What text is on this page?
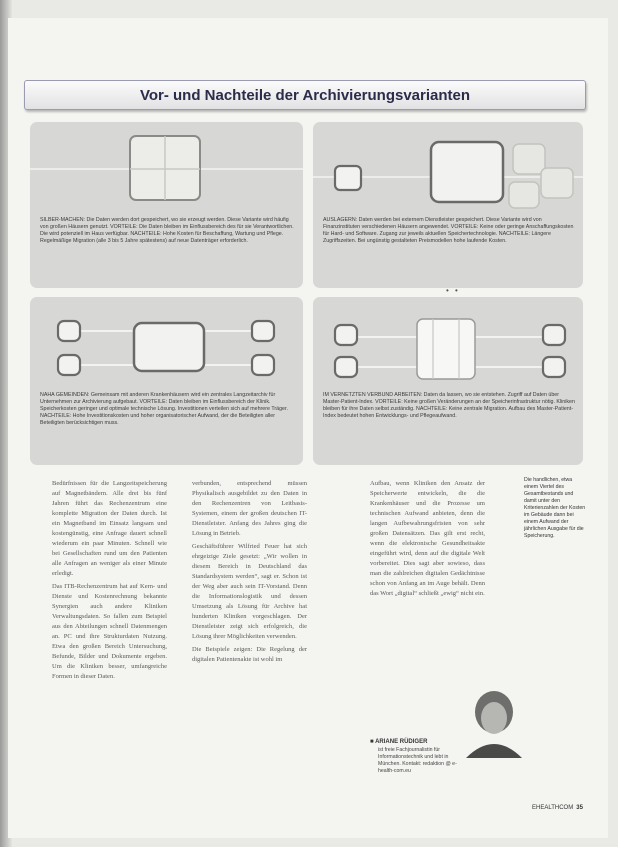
Vor- und Nachteile der Archivierungsvarianten
SILBER-MACHEN: Die Daten werden dort gespeichert, wo sie erzeugt werden. Diese Variante wird häufig von großen Häusern genutzt. VORTEILE: Die Daten bleiben im Einflussbereich des für sie Verantwortlichen. Die wird potenziell im Haus verfügbar. NACHTEILE: Hohe Kosten für Beschaffung, Wartung und Pflege. Regelmäßige Migration (alle 3 bis 5 Jahre spätestens) auf neue Datenträger erforderlich.
AUSLAGERN: Daten werden bei externem Dienstleister gespeichert. Diese Variante wird von Finanzinstituten verschiedenen Häusern angewendet. VORTEILE: Keine oder geringe Anschaffungskosten für Hard- und Software. Zugang zur jeweils aktuellen Speichertechnologie. NACHTEILE: Längere Zugriffszeiten. Bei ungünstig gestalteten Preismodellen hohe laufende Kosten.
• •
NAHA GEMEINDEN: Gemeinsam mit anderen Krankenhäusern wird ein zentrales Langzeitarchiv für Unternehmen zur Archivierung aufgebaut. VORTEILE: Daten bleiben im Einflussbereich der Klinik. Speicherkosten geringer und optimale technische Lösung. Investitionen verteilen sich auf mehrere Träger. NACHTEILE: Hohe Investitionskosten und hoher organisatorischer Aufwand, der die Beteiligten aller Beteiligten berücksichtigen muss.
IM VERNETZTEN VERBUND ARBEITEN: Daten da lassen, wo sie entstehen. Zugriff auf Daten über Master-Patient-Index. VORTEILE: Keine großen Veränderungen an der Speicherinfrastruktur nötig. Kliniken bleiben für ihre Daten selbst zuständig. NACHTEILE: Keine zentrale Migration. Aufbau des Master-Patient-Index bedeutet hohen Entwicklungs- und Pflegeaufwand.

Bedürfnissen für die Langzeitspeicherung auf Magnetbändern. Alle drei bis fünf Jahren führt das Rechenzentrum eine komplette Migration der Daten durch. Ist ein Magnetband im Einsatz langsam und kostengünstig, eine Anfrage dauert schnell wiederum ein paar Minuten. Schnell wie bei Gesellschaften rund um den Patienten alle Anfragen an weniger als einer Minute erledigt.

Das ITB-Rechenzentrum hat auf Kern- und Dienste und Kostenrechnung bekannte Synergien auch andere Kliniken Verwaltungsdaten. So fallen zum Beispiel aus den Abteilungen schnell Datenmengen an. PC und ihre Strukturdaten Nutzung. Etwa den großen Bereich Untersuchung, Befunde, Bilder und Dokumente ergeben. Um die Kliniken besser, umfangreiche Formen in dieser Daten.

verbunden, entsprechend müssen Physikalisch ausgebildet zu den Daten in den Rechenzentren von Leitbasis-Systemen, einem der großen deutschen IT-Dienstleister. Anfang des Jahres ging die Lösung in Betrieb.

Geschäftsführer Wilfried Feuer hat sich ehrgeizige Ziele gesetzt: „Wir wollen in diesem Bereich in Deutschland das Standardsystem werden“, sagt er. Schon ist der Weg aber auch sein IT-Vorstand. Denn die Informationslogistik und dessen Umsetzung als Lösung für Archive hat hunderten Kliniken vorgeschlagen. Der Dienstleister zeigt sich erfolgreich, die Lösung ihrer Möglichkeiten verwenden.

Die Beispiele zeigen: Die Regelung der digitalen Patientenakte ist wohl im

Aufbau, wenn Kliniken den Ansatz der Speicherwerte entwickeln, die die Krankenhäuser und die Prozesse um technischen Aufwand anbieten, denn die langen Aufbewahrungsfristen von sehr großen Datensätzen. Das gilt erst recht, wenn die elektronische Gesundheitsakte eingeführt wird, denn auf die digitale Welt vorbereitet. Dies sagt aber sowieso, dass man die zahlreichen digitalen Gedächtnisse schon von Anfang an im Auge behält. Denn das Wort „digital“ schließt „ewig“ nicht ein.

Die handlichen, etwa einem Viertel des Gesamtbestands und damit unter den Kriterienzahlen der Kosten im Gebäude dann bei einem Aufwand der jährlichen Ausgabe für die Speicherung.
■ ARIANE RÜDIGER
ist freie Fachjournalistin für Informationstechnik und lebt in München. Kontakt: redaktion @ e-health-com.eu
EHEALTHCOM 35
